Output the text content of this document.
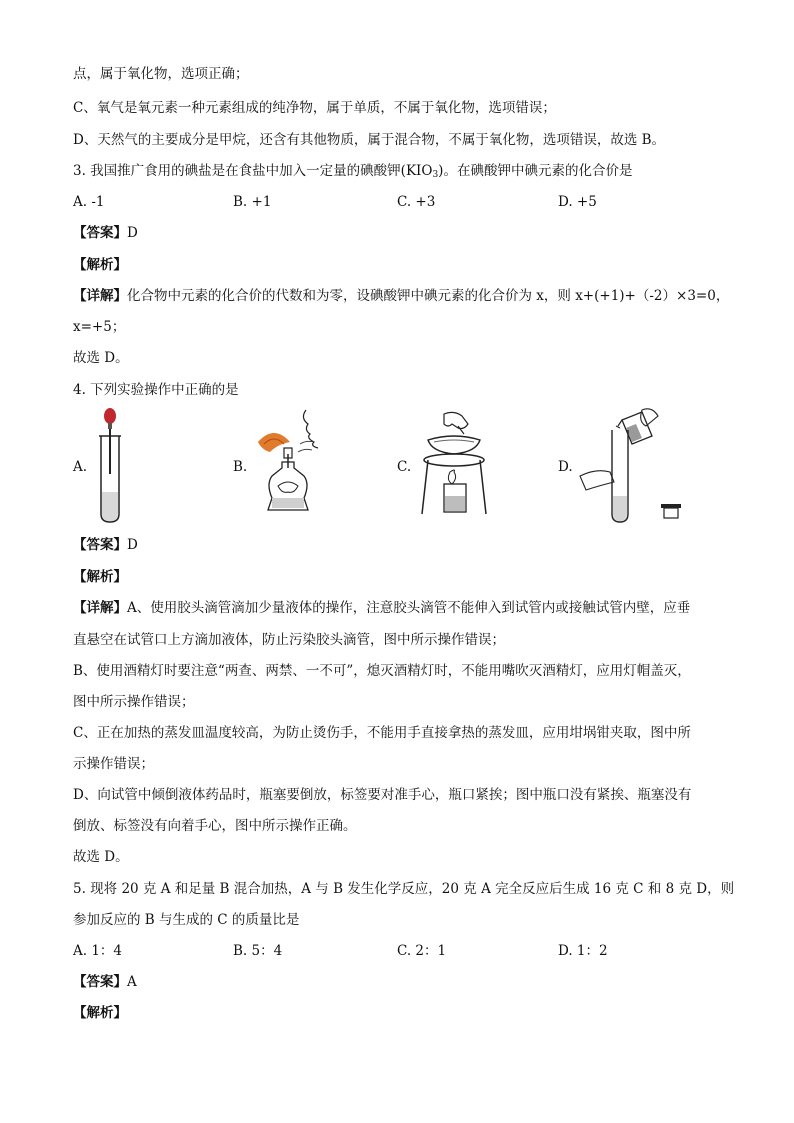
点，属于氧化物，选项正确；
C、氧气是氧元素一种元素组成的纯净物，属于单质，不属于氧化物，选项错误；
D、天然气的主要成分是甲烷，还含有其他物质，属于混合物，不属于氧化物，选项错误，故选 B。
3. 我国推广食用的碘盐是在食盐中加入一定量的碘酸钾$(KIO_3)$。在碘酸钾中碘元素的化合价是
A. -1	B. +1	C. +3	D. +5
【答案】D
【解析】
【详解】化合物中元素的化合价的代数和为零，设碘酸钾中碘元素的化合价为 x，则 x+(+1)+（-2）×3=0，
x=+5；
故选 D。
4. 下列实验操作中正确的是
A.	B.	C.	D.
【答案】D
【解析】
【详解】A、使用胶头滴管滴加少量液体的操作，注意胶头滴管不能伸入到试管内或接触试管内壁，应垂
直悬空在试管口上方滴加液体，防止污染胶头滴管，图中所示操作错误；
B、使用酒精灯时要注意“两查、两禁、一不可”，熄灭酒精灯时，不能用嘴吹灭酒精灯，应用灯帽盖灭，
图中所示操作错误；
C、正在加热的蒸发皿温度较高，为防止烫伤手，不能用手直接拿热的蒸发皿，应用坩埚钳夹取，图中所
示操作错误；
D、向试管中倾倒液体药品时，瓶塞要倒放，标签要对准手心，瓶口紧挨；图中瓶口没有紧挨、瓶塞没有
倒放、标签没有向着手心，图中所示操作正确。
故选 D。
5. 现将 20 克 A 和足量 B 混合加热，A 与 B 发生化学反应，20 克 A 完全反应后生成 16 克 C 和 8 克 D，则
参加反应的 B 与生成的 C 的质量比是
A. 1：4	B. 5：4	C. 2：1	D. 1：2
【答案】A
【解析】
